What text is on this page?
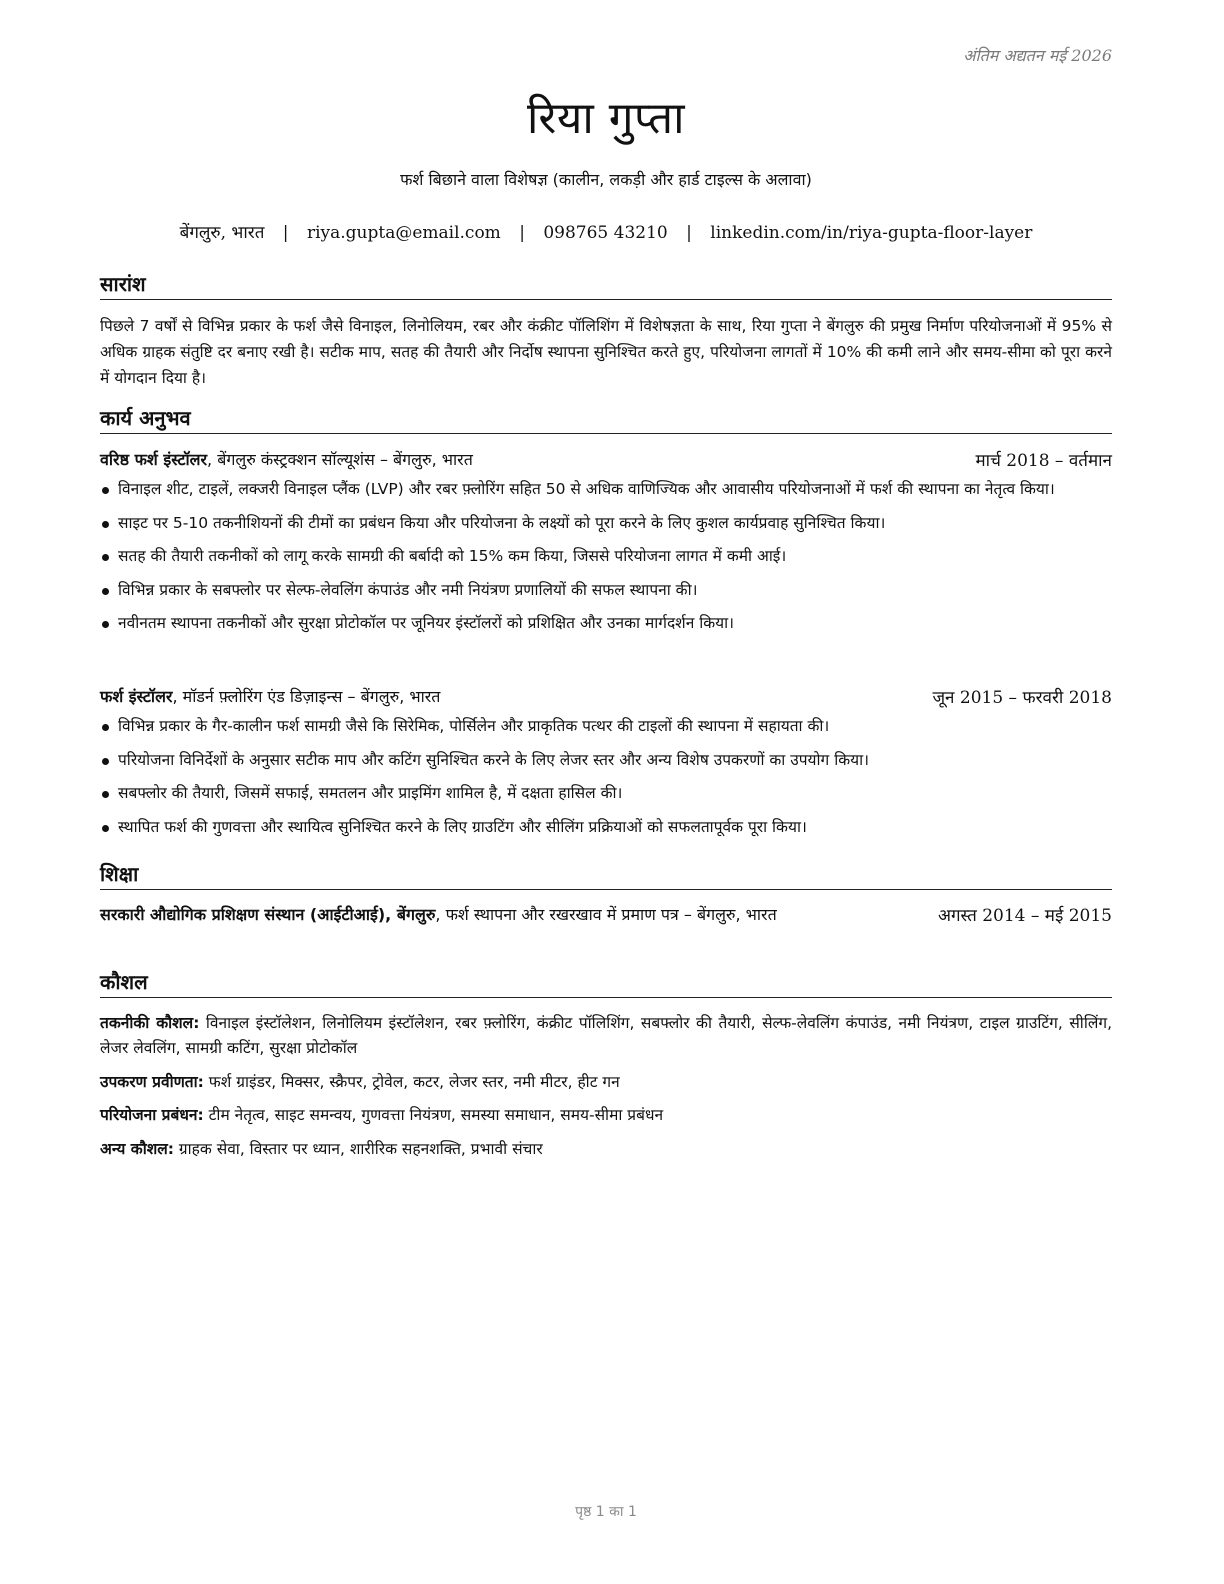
अंतिम अद्यतन मई 2026
रिया गुप्ता
फर्श बिछाने वाला विशेषज्ञ (कालीन, लकड़ी और हार्ड टाइल्स के अलावा)
बेंगलुरु, भारत | riya.gupta@email.com | 098765 43210 | linkedin.com/in/riya-gupta-floor-layer
सारांश

पिछले 7 वर्षों से विभिन्न प्रकार के फर्श जैसे विनाइल, लिनोलियम, रबर और कंक्रीट पॉलिशिंग में विशेषज्ञता के साथ, रिया गुप्ता ने बेंगलुरु की प्रमुख निर्माण परियोजनाओं में 95% से अधिक ग्राहक संतुष्टि दर बनाए रखी है। सटीक माप, सतह की तैयारी और निर्दोष स्थापना सुनिश्चित करते हुए, परियोजना लागतों में 10% की कमी लाने और समय-सीमा को पूरा करने में योगदान दिया है।

कार्य अनुभव
वरिष्ठ फर्श इंस्टॉलर, बेंगलुरु कंस्ट्रक्शन सॉल्यूशंस – बेंगलुरु, भारत	मार्च 2018 – वर्तमान
विनाइल शीट, टाइलें, लक्जरी विनाइल प्लैंक (LVP) और रबर फ़्लोरिंग सहित 50 से अधिक वाणिज्यिक और आवासीय परियोजनाओं में फर्श की स्थापना का नेतृत्व किया।
साइट पर 5-10 तकनीशियनों की टीमों का प्रबंधन किया और परियोजना के लक्ष्यों को पूरा करने के लिए कुशल कार्यप्रवाह सुनिश्चित किया।
सतह की तैयारी तकनीकों को लागू करके सामग्री की बर्बादी को 15% कम किया, जिससे परियोजना लागत में कमी आई।
विभिन्न प्रकार के सबफ्लोर पर सेल्फ-लेवलिंग कंपाउंड और नमी नियंत्रण प्रणालियों की सफल स्थापना की।
नवीनतम स्थापना तकनीकों और सुरक्षा प्रोटोकॉल पर जूनियर इंस्टॉलरों को प्रशिक्षित और उनका मार्गदर्शन किया।
फर्श इंस्टॉलर, मॉडर्न फ़्लोरिंग एंड डिज़ाइन्स – बेंगलुरु, भारत	जून 2015 – फरवरी 2018
विभिन्न प्रकार के गैर-कालीन फर्श सामग्री जैसे कि सिरेमिक, पोर्सिलेन और प्राकृतिक पत्थर की टाइलों की स्थापना में सहायता की।
परियोजना विनिर्देशों के अनुसार सटीक माप और कटिंग सुनिश्चित करने के लिए लेजर स्तर और अन्य विशेष उपकरणों का उपयोग किया।
सबफ्लोर की तैयारी, जिसमें सफाई, समतलन और प्राइमिंग शामिल है, में दक्षता हासिल की।
स्थापित फर्श की गुणवत्ता और स्थायित्व सुनिश्चित करने के लिए ग्राउटिंग और सीलिंग प्रक्रियाओं को सफलतापूर्वक पूरा किया।
शिक्षा
सरकारी औद्योगिक प्रशिक्षण संस्थान (आईटीआई), बेंगलुरु, फर्श स्थापना और रखरखाव में प्रमाण पत्र – बेंगलुरु, भारत	अगस्त 2014 – मई 2015
कौशल
तकनीकी कौशल: विनाइल इंस्टॉलेशन, लिनोलियम इंस्टॉलेशन, रबर फ़्लोरिंग, कंक्रीट पॉलिशिंग, सबफ्लोर की तैयारी, सेल्फ-लेवलिंग कंपाउंड, नमी नियंत्रण, टाइल ग्राउटिंग, सीलिंग, लेजर लेवलिंग, सामग्री कटिंग, सुरक्षा प्रोटोकॉल
उपकरण प्रवीणता: फर्श ग्राइंडर, मिक्सर, स्क्रैपर, ट्रोवेल, कटर, लेजर स्तर, नमी मीटर, हीट गन
परियोजना प्रबंधन: टीम नेतृत्व, साइट समन्वय, गुणवत्ता नियंत्रण, समस्या समाधान, समय-सीमा प्रबंधन
अन्य कौशल: ग्राहक सेवा, विस्तार पर ध्यान, शारीरिक सहनशक्ति, प्रभावी संचार
पृष्ठ 1 का 1
